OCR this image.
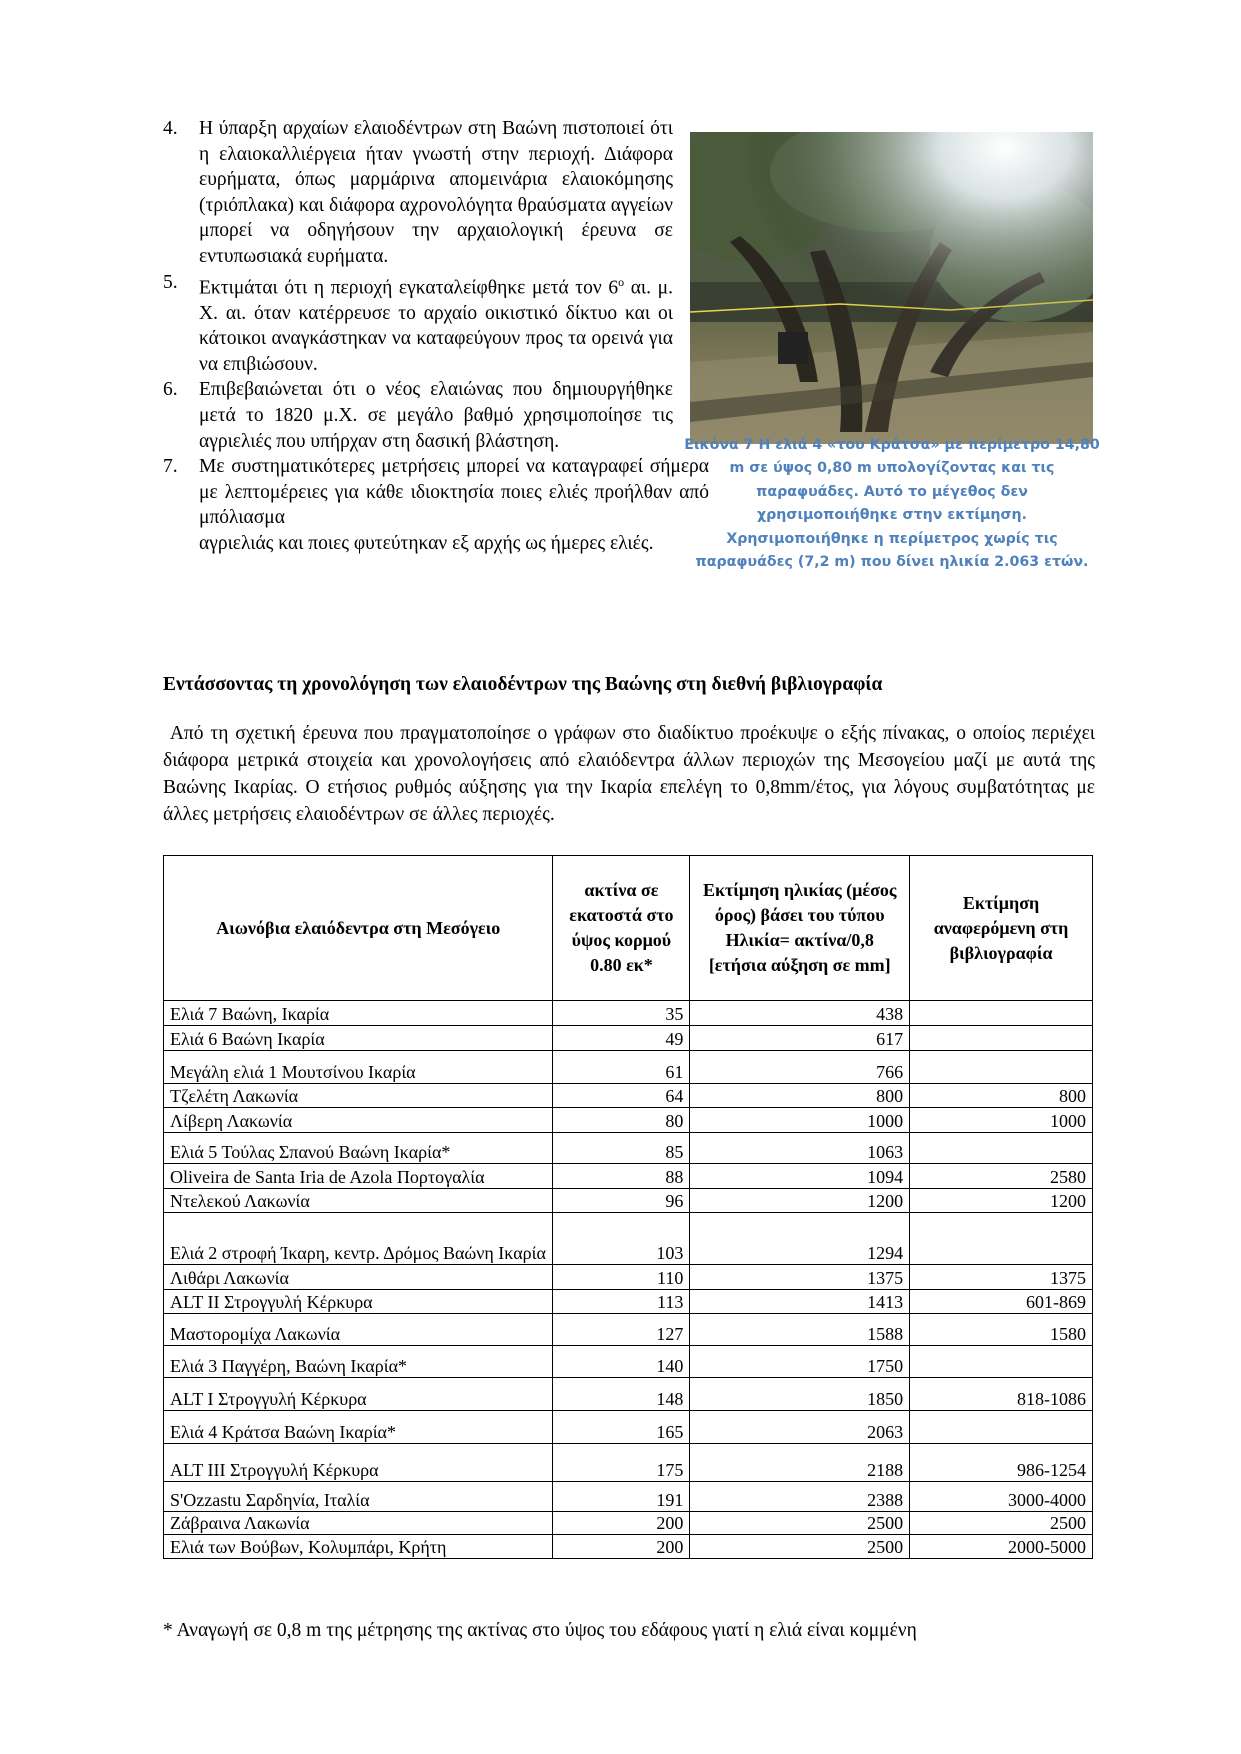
4. Η ύπαρξη αρχαίων ελαιοδέντρων στη Βαώνη πιστοποιεί ότι η ελαιοκαλλιέργεια ήταν γνωστή στην περιοχή. Διάφορα ευρήματα, όπως μαρμάρινα απομεινάρια ελαιοκόμησης (τριόπλακα) και διάφορα αχρονολόγητα θραύσματα αγγείων μπορεί να οδηγήσουν την αρχαιολογική έρευνα σε εντυπωσιακά ευρήματα.
5. Εκτιμάται ότι η περιοχή εγκαταλείφθηκε μετά τον $6^o$ αι. μ. Χ. αι. όταν κατέρρευσε το αρχαίο οικιστικό δίκτυο και οι κάτοικοι αναγκάστηκαν να καταφεύγουν προς τα ορεινά για να επιβιώσουν.
6. Επιβεβαιώνεται ότι ο νέος ελαιώνας που δημιουργήθηκε μετά το 1820 μ.Χ. σε μεγάλο βαθμό χρησιμοποίησε τις αγριελιές που υπήρχαν στη δασική βλάστηση.
7. Με συστηματικότερες μετρήσεις μπορεί να καταγραφεί σήμερα με λεπτομέρειες για κάθε ιδιοκτησία ποιες ελιές προήλθαν από μπόλιασμα
αγριελιάς και ποιες φυτεύτηκαν εξ αρχής ως ήμερες ελιές.
Εικόνα 7 Η ελιά 4 «του Κράτσα» με περίμετρο 14,80 m σε ύψος 0,80 m υπολογίζοντας και τις παραφυάδες. Αυτό το μέγεθος δεν χρησιμοποιήθηκε στην εκτίμηση. Χρησιμοποιήθηκε η περίμετρος χωρίς τις παραφυάδες (7,2 m) που δίνει ηλικία 2.063 ετών.
Εντάσσοντας τη χρονολόγηση των ελαιοδέντρων της Βαώνης στη διεθνή βιβλιογραφία
Από τη σχετική έρευνα που πραγματοποίησε ο γράφων στο διαδίκτυο προέκυψε ο εξής πίνακας, ο οποίος περιέχει διάφορα μετρικά στοιχεία και χρονολογήσεις από ελαιόδεντρα άλλων περιοχών της Μεσογείου μαζί με αυτά της Βαώνης Ικαρίας. Ο ετήσιος ρυθμός αύξησης για την Ικαρία επελέγη το 0,8mm/έτος, για λόγους συμβατότητας με άλλες μετρήσεις ελαιοδέντρων σε άλλες περιοχές.
Αιωνόβια ελαιόδεντρα στη Μεσόγειο	ακτίνα σε εκατοστά στο ύψος κορμού 0.80 εκ*	Εκτίμηση ηλικίας (μέσος όρος) βάσει του τύπου Ηλικία= ακτίνα/0,8 [ετήσια αύξηση σε mm]	Εκτίμηση αναφερόμενη στη βιβλιογραφία
Ελιά 7 Βαώνη, Ικαρία	35	438	
Ελιά 6 Βαώνη Ικαρία	49	617	
Μεγάλη ελιά 1 Μουτσίνου Ικαρία	61	766	
Τζελέτη Λακωνία	64	800	800
Λίβερη Λακωνία	80	1000	1000
Ελιά 5 Τούλας Σπανού Βαώνη Ικαρία*	85	1063	
Oliveira de Santa Iria de Azola Πορτογαλία	88	1094	2580
Ντελεκού Λακωνία	96	1200	1200
Ελιά 2 στροφή Ίκαρη, κεντρ. Δρόμος Βαώνη Ικαρία	103	1294	
Λιθάρι Λακωνία	110	1375	1375
ALT II Στρογγυλή Κέρκυρα	113	1413	601-869
Μαστορομίχα Λακωνία	127	1588	1580
Ελιά 3 Παγγέρη, Βαώνη Ικαρία*	140	1750	
ALT I Στρογγυλή Κέρκυρα	148	1850	818-1086
Ελιά 4 Κράτσα Βαώνη Ικαρία*	165	2063	
ALT III Στρογγυλή Κέρκυρα	175	2188	986-1254
S'Ozzastu Σαρδηνία, Ιταλία	191	2388	3000-4000
Ζάβραινα Λακωνία	200	2500	2500
Ελιά των Βούβων, Κολυμπάρι, Κρήτη	200	2500	2000-5000
* Αναγωγή σε 0,8 m της μέτρησης της ακτίνας στο ύψος του εδάφους γιατί η ελιά είναι κομμένη
